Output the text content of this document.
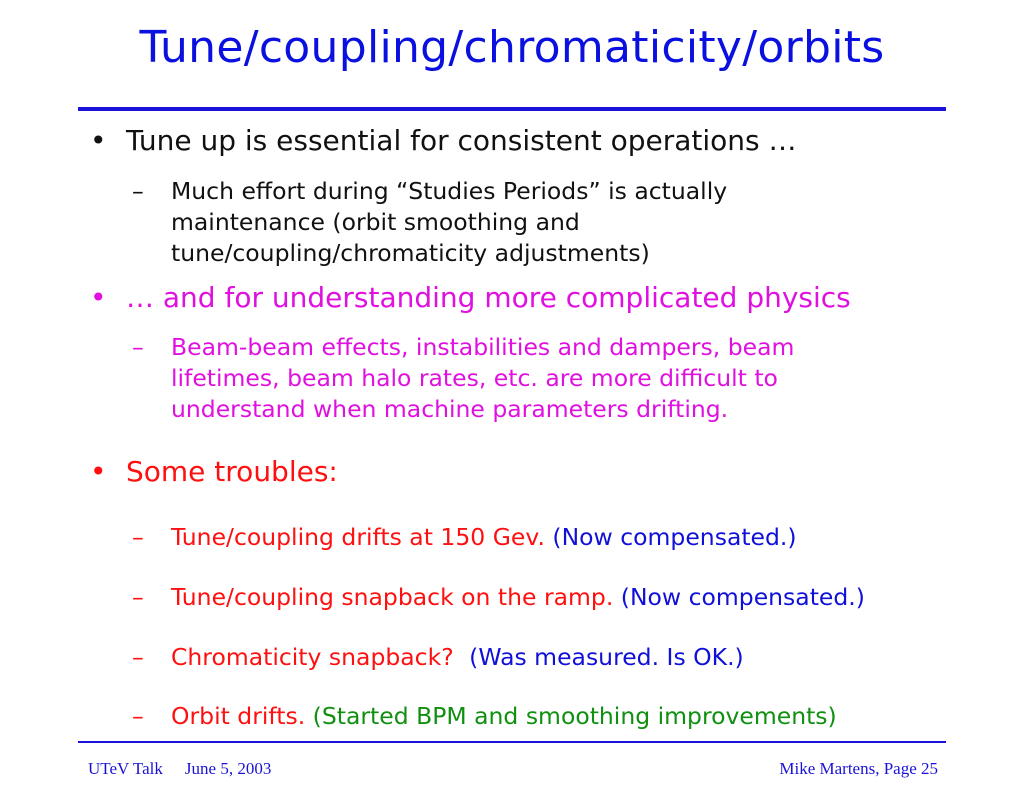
Tune/coupling/chromaticity/orbits
• Tune up is essential for consistent operations …
– Much effort during “Studies Periods” is actually
maintenance (orbit smoothing and
tune/coupling/chromaticity adjustments)
• … and for understanding more complicated physics
– Beam-beam effects, instabilities and dampers, beam
lifetimes, beam halo rates, etc. are more difficult to
understand when machine parameters drifting.
• Some troubles:
– Tune/coupling drifts at 150 Gev. (Now compensated.)
– Tune/coupling snapback on the ramp. (Now compensated.)
– Chromaticity snapback? (Was measured. Is OK.)
– Orbit drifts. (Started BPM and smoothing improvements)
UTeV Talk June 5, 2003	Mike Martens, Page 25
